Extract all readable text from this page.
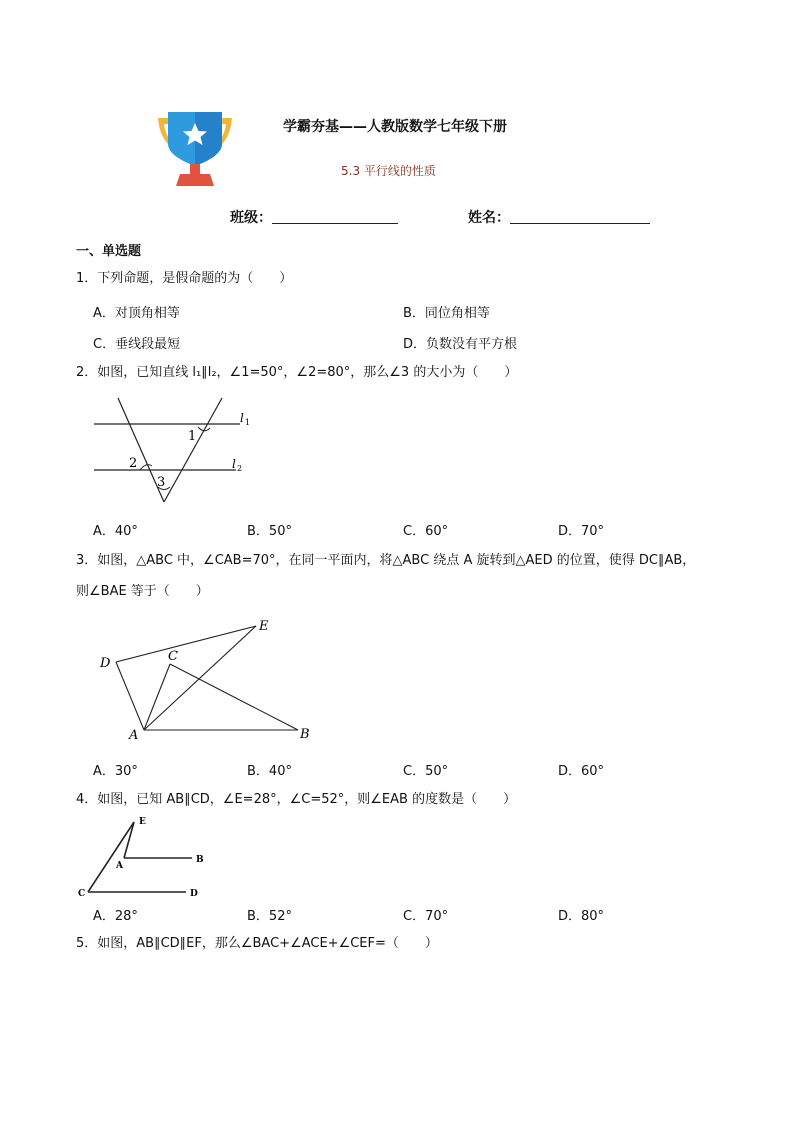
学霸夯基——人教版数学七年级下册
5.3 平行线的性质
班级：	姓名：
一、单选题
1．下列命题，是假命题的为（　　）
A．对顶角相等	B．同位角相等
C．垂线段最短	D．负数没有平方根
2．如图，已知直线 l₁∥l₂，∠1=50°，∠2=80°，那么∠3 的大小为（　　）
l 1
l 2
1
2
3
A．40°	B．50°	C．60°	D．70°
3．如图，△ABC 中，∠CAB=70°，在同一平面内，将△ABC 绕点 A 旋转到△AED 的位置，使得 DC∥AB，
则∠BAE 等于（　　）
E
D	C
A	B
A．30°	B．40°	C．50°	D．60°
4．如图，已知 AB∥CD，∠E=28°，∠C=52°，则∠EAB 的度数是（　　）
E
A
B
C	D
A．28°	B．52°	C．70°	D．80°
5．如图，AB∥CD∥EF，那么∠BAC+∠ACE+∠CEF=（　　）
